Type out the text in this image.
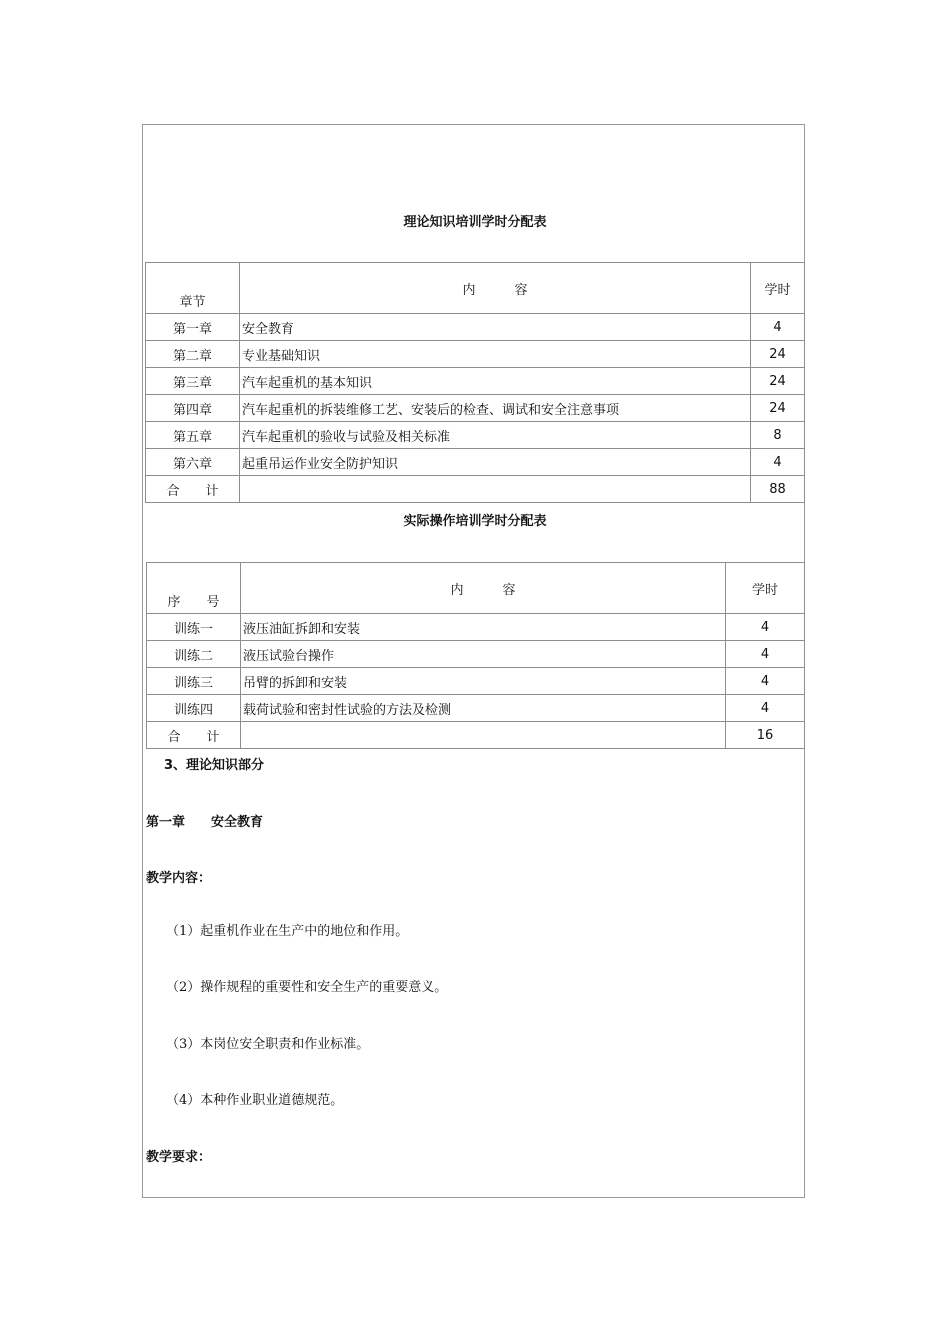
理论知识培训学时分配表
章节	内　　　容	学时
第一章	安全教育	4
第二章	专业基础知识	24
第三章	汽车起重机的基本知识	24
第四章	汽车起重机的拆装维修工艺、安装后的检查、调试和安全注意事项	24
第五章	汽车起重机的验收与试验及相关标准	8
第六章	起重吊运作业安全防护知识	4
合　　计		88
实际操作培训学时分配表
序　　号	内　　　容	学时
训练一	液压油缸拆卸和安装	4
训练二	液压试验台操作	4
训练三	吊臂的拆卸和安装	4
训练四	载荷试验和密封性试验的方法及检测	4
合　　计		16
3、理论知识部分
第一章　　安全教育
教学内容：
（1）起重机作业在生产中的地位和作用。
（2）操作规程的重要性和安全生产的重要意义。
（3）本岗位安全职责和作业标准。
（4）本种作业职业道德规范。
教学要求：
